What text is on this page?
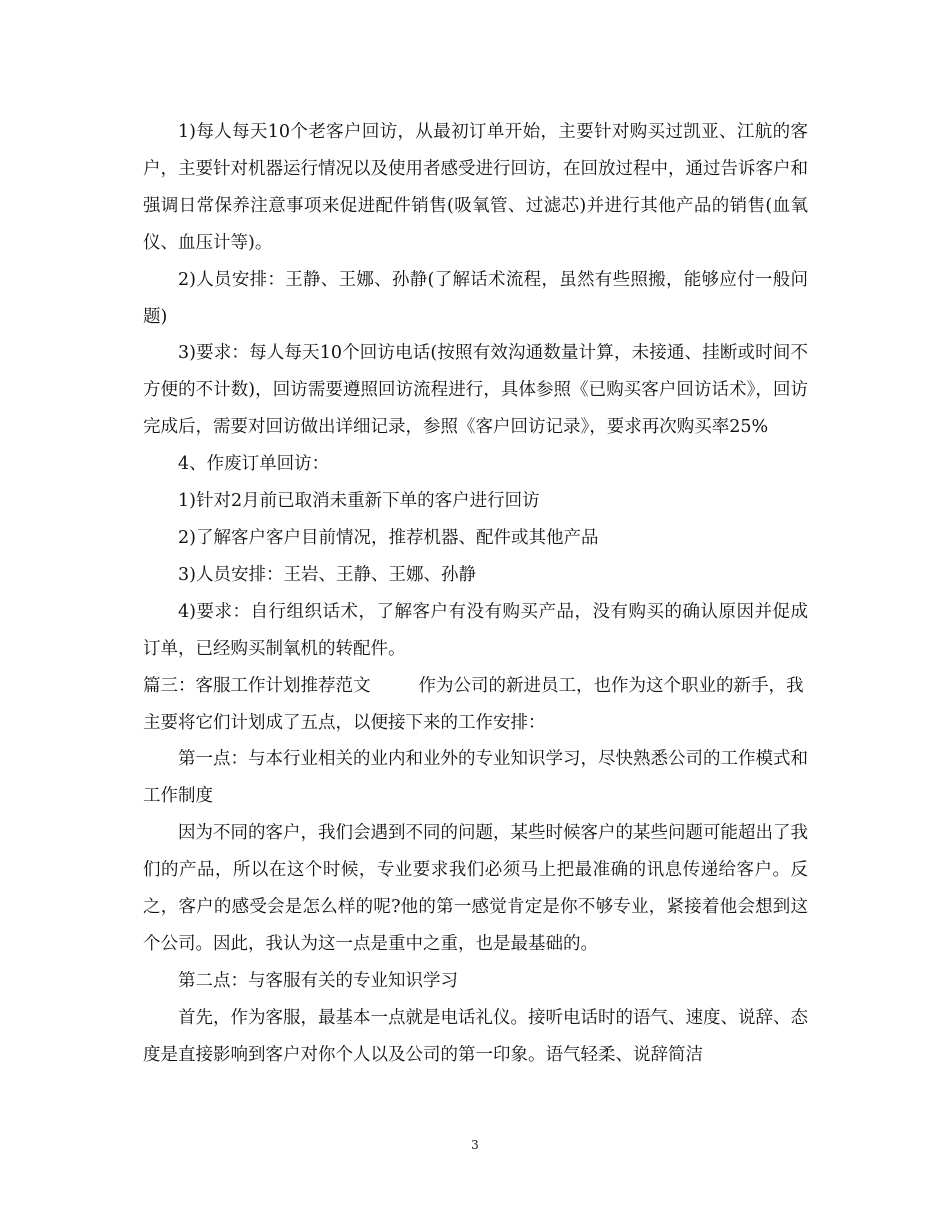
1)每人每天10个老客户回访，从最初订单开始，主要针对购买过凯亚、江航的客户，主要针对机器运行情况以及使用者感受进行回访，在回放过程中，通过告诉客户和强调日常保养注意事项来促进配件销售(吸氧管、过滤芯)并进行其他产品的销售(血氧仪、血压计等)。

2)人员安排：王静、王娜、孙静(了解话术流程，虽然有些照搬，能够应付一般问题)

3)要求：每人每天10个回访电话(按照有效沟通数量计算，未接通、挂断或时间不方便的不计数)，回访需要遵照回访流程进行，具体参照《已购买客户回访话术》，回访完成后，需要对回访做出详细记录，参照《客户回访记录》，要求再次购买率25%

4、作废订单回访：

1)针对2月前已取消未重新下单的客户进行回访

2)了解客户客户目前情况，推荐机器、配件或其他产品

3)人员安排：王岩、王静、王娜、孙静

4)要求：自行组织话术，了解客户有没有购买产品，没有购买的确认原因并促成订单，已经购买制氧机的转配件。

篇三：客服工作计划推荐范文	作为公司的新进员工，也作为这个职业的新手，我主要将它们计划成了五点，以便接下来的工作安排：

第一点：与本行业相关的业内和业外的专业知识学习，尽快熟悉公司的工作模式和工作制度

因为不同的客户，我们会遇到不同的问题，某些时候客户的某些问题可能超出了我们的产品，所以在这个时候，专业要求我们必须马上把最准确的讯息传递给客户。反之，客户的感受会是怎么样的呢?他的第一感觉肯定是你不够专业，紧接着他会想到这个公司。因此，我认为这一点是重中之重，也是最基础的。

第二点：与客服有关的专业知识学习

首先，作为客服，最基本一点就是电话礼仪。接听电话时的语气、速度、说辞、态度是直接影响到客户对你个人以及公司的第一印象。语气轻柔、说辞简洁

3
